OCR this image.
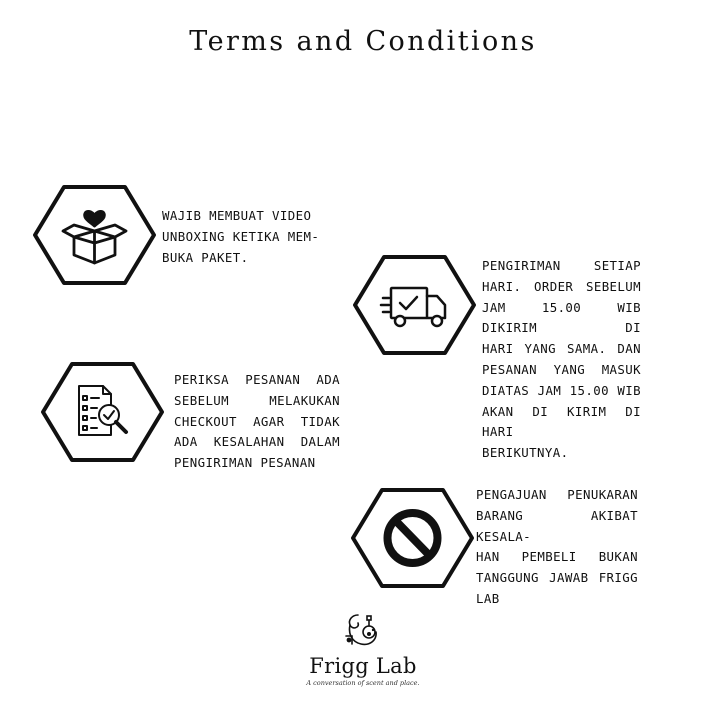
Terms and Conditions
WAJIB MEMBUAT VIDEO
UNBOXING KETIKA MEM-
BUKA PAKET.
PENGIRIMAN SETIAP
HARI. ORDER SEBELUM
JAM 15.00 WIB DIKIRIM DI
HARI YANG SAMA. DAN
PESANAN YANG MASUK
DIATAS JAM 15.00 WIB
AKAN DI KIRIM DI HARI
BERIKUTNYA.
PERIKSA PESANAN ADA
SEBELUM MELAKUKAN
CHECKOUT AGAR TIDAK
ADA KESALAHAN DALAM
PENGIRIMAN PESANAN
PENGAJUAN PENUKARAN
BARANG AKIBAT KESALA-
HAN PEMBELI BUKAN
TANGGUNG JAWAB FRIGG
LAB
Frigg Lab
A conversation of scent and place.
